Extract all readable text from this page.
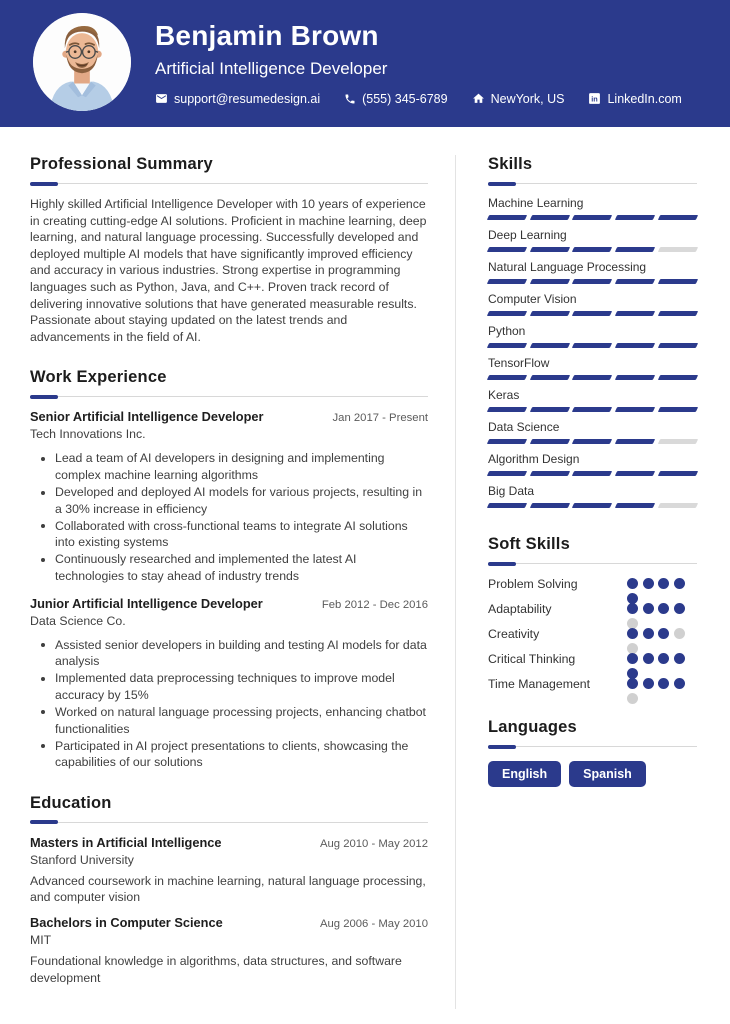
Benjamin Brown
Artificial Intelligence Developer
support@resumedesign.ai	(555) 345-6789	NewYork, US in LinkedIn.com
Professional Summary

Highly skilled Artificial Intelligence Developer with 10 years of experience in creating cutting-edge AI solutions. Proficient in machine learning, deep learning, and natural language processing. Successfully developed and deployed multiple AI models that have significantly improved efficiency and accuracy in various industries. Strong expertise in programming languages such as Python, Java, and C++. Proven track record of delivering innovative solutions that have generated measurable results. Passionate about staying updated on the latest trends and advancements in the field of AI.

Work Experience
Senior Artificial Intelligence Developer	Jan 2017 - Present
Tech Innovations Inc.
Lead a team of AI developers in designing and implementing complex machine learning algorithms
Developed and deployed AI models for various projects, resulting in a 30% increase in efficiency
Collaborated with cross-functional teams to integrate AI solutions into existing systems
Continuously researched and implemented the latest AI technologies to stay ahead of industry trends
Junior Artificial Intelligence Developer	Feb 2012 - Dec 2016
Data Science Co.
Assisted senior developers in building and testing AI models for data analysis
Implemented data preprocessing techniques to improve model accuracy by 15%
Worked on natural language processing projects, enhancing chatbot functionalities
Participated in AI project presentations to clients, showcasing the capabilities of our solutions
Education
Masters in Artificial Intelligence	Aug 2010 - May 2012
Stanford University

Advanced coursework in machine learning, natural language processing, and computer vision

Bachelors in Computer Science	Aug 2006 - May 2010
MIT

Foundational knowledge in algorithms, data structures, and software development

Skills
Machine Learning
Deep Learning
Natural Language Processing
Computer Vision
Python
TensorFlow
Keras
Data Science
Algorithm Design
Big Data
Soft Skills
Problem Solving
Adaptability
Creativity
Critical Thinking
Time Management
Languages
English	Spanish
